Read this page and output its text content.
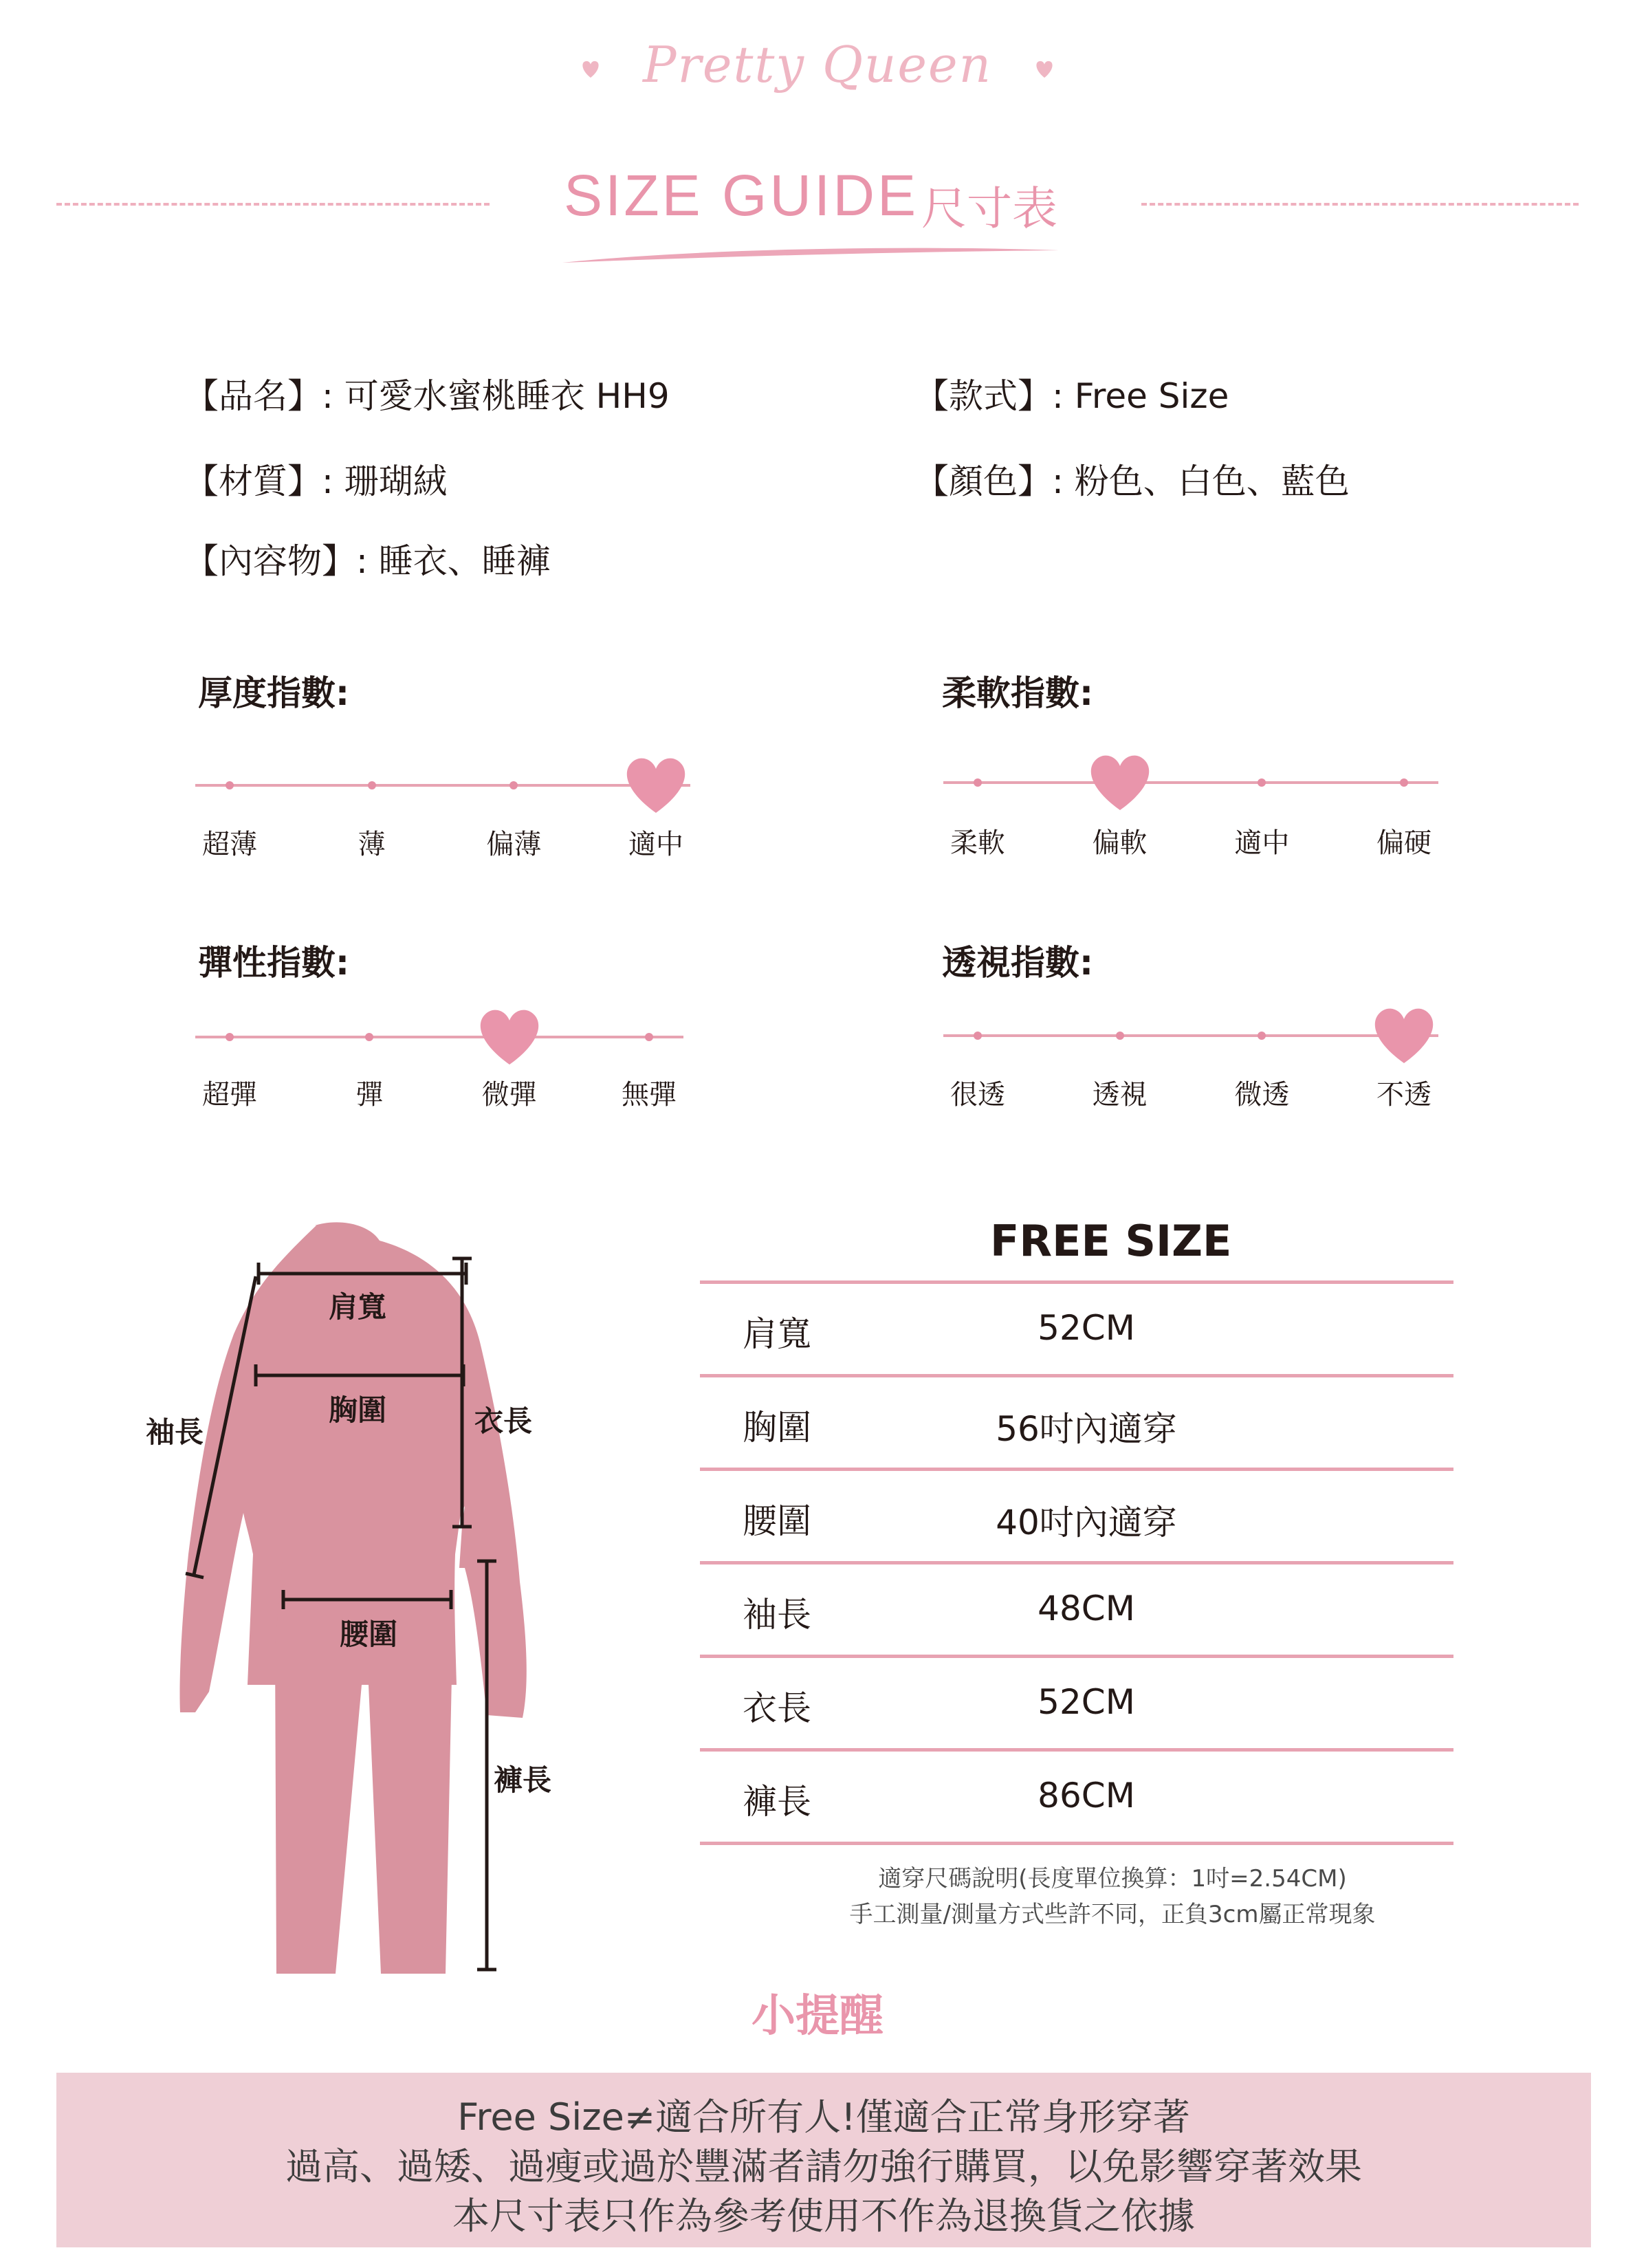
Pretty Queen
SIZE GUIDE 尺寸表
【品名】: 可愛水蜜桃睡衣 HH9	【款式】: Free Size
【材質】: 珊瑚絨	【顏色】: 粉色、白色、藍色
【內容物】: 睡衣、睡褲
厚度指數:	柔軟指數:
彈性指數:	透視指數:
超薄	薄	偏薄	適中	柔軟	偏軟	適中	偏硬
超彈	彈	微彈	無彈	很透	透視	微透	不透
肩寬
胸圍	衣長
袖長
腰圍
褲長
FREE SIZE
肩寬	52CM
胸圍	56吋內適穿
腰圍	40吋內適穿
袖長	48CM
衣長	52CM
褲長	86CM
適穿尺碼說明(長度單位換算：1吋=2.54CM)
手工測量/測量方式些許不同，正負3cm屬正常現象
小提醒
Free Size≠適合所有人!僅適合正常身形穿著
過高、過矮、過瘦或過於豐滿者請勿強行購買，以免影響穿著效果
本尺寸表只作為參考使用不作為退換貨之依據
